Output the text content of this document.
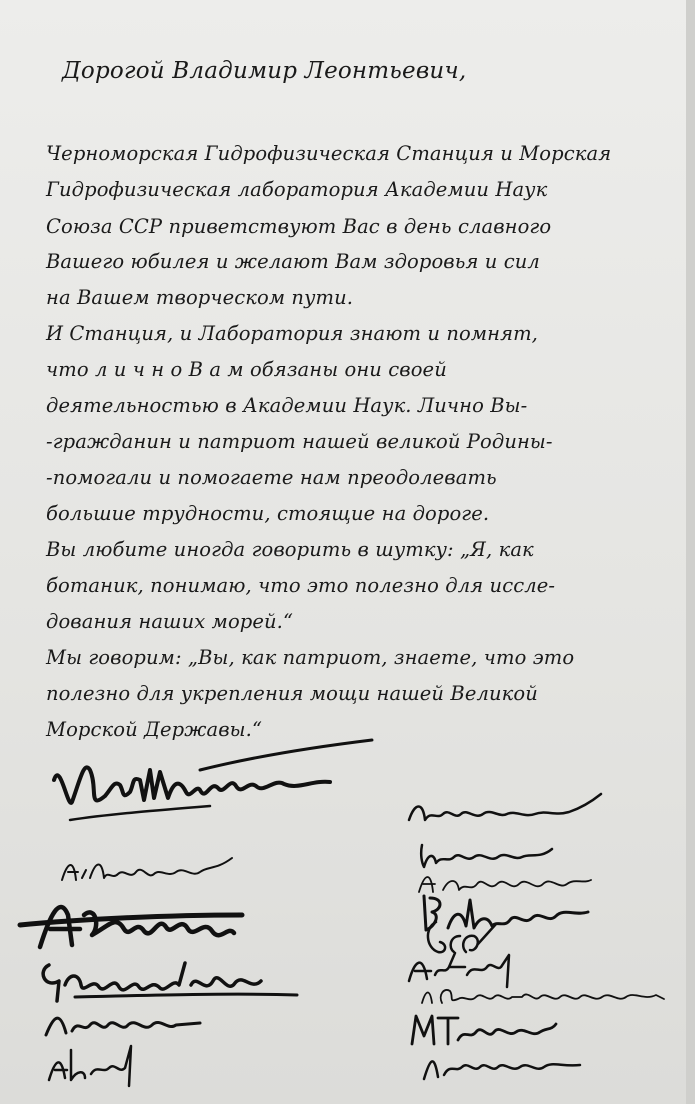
Дорогой Владимир Леонтьевич,
Черноморская Гидрофизическая Станция и Морская
Гидрофизическая лаборатория Академии Наук
Союза ССР приветствуют Вас в день славного
Вашего юбилея и желают Вам здоровья и сил
на Вашем творческом пути.
И Станция, и Лаборатория знают и помнят,
что л и ч н о В а м обязаны они своей
деятельностью в Академии Наук. Лично Вы-
-гражданин и патриот нашей великой Родины-
-помогали и помогаете нам преодолевать
большие трудности, стоящие на дороге.
Вы любите иногда говорить в шутку: „Я, как
ботаник, понимаю, что это полезно для иссле-
дования наших морей.“
Мы говорим: „Вы, как патриот, знаете, что это
полезно для укрепления мощи нашей Великой
Морской Державы.“
